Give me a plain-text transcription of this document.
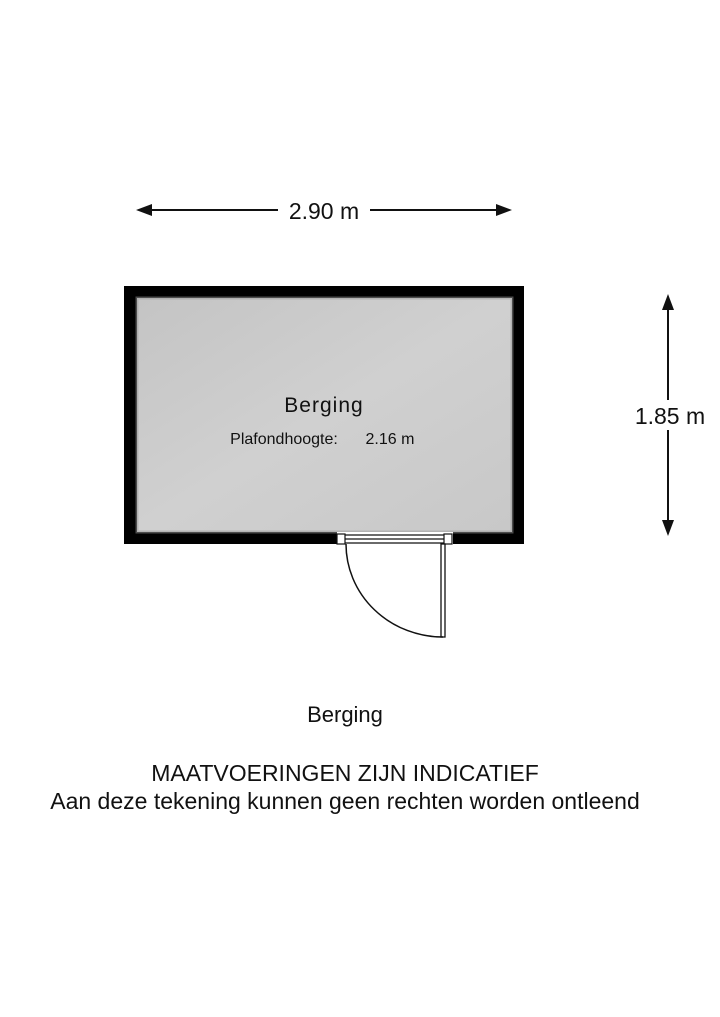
2.90 m
1.85 m
Berging
Plafondhoogte: 2.16 m
Berging
MAATVOERINGEN ZIJN INDICATIEF
Aan deze tekening kunnen geen rechten worden ontleend
